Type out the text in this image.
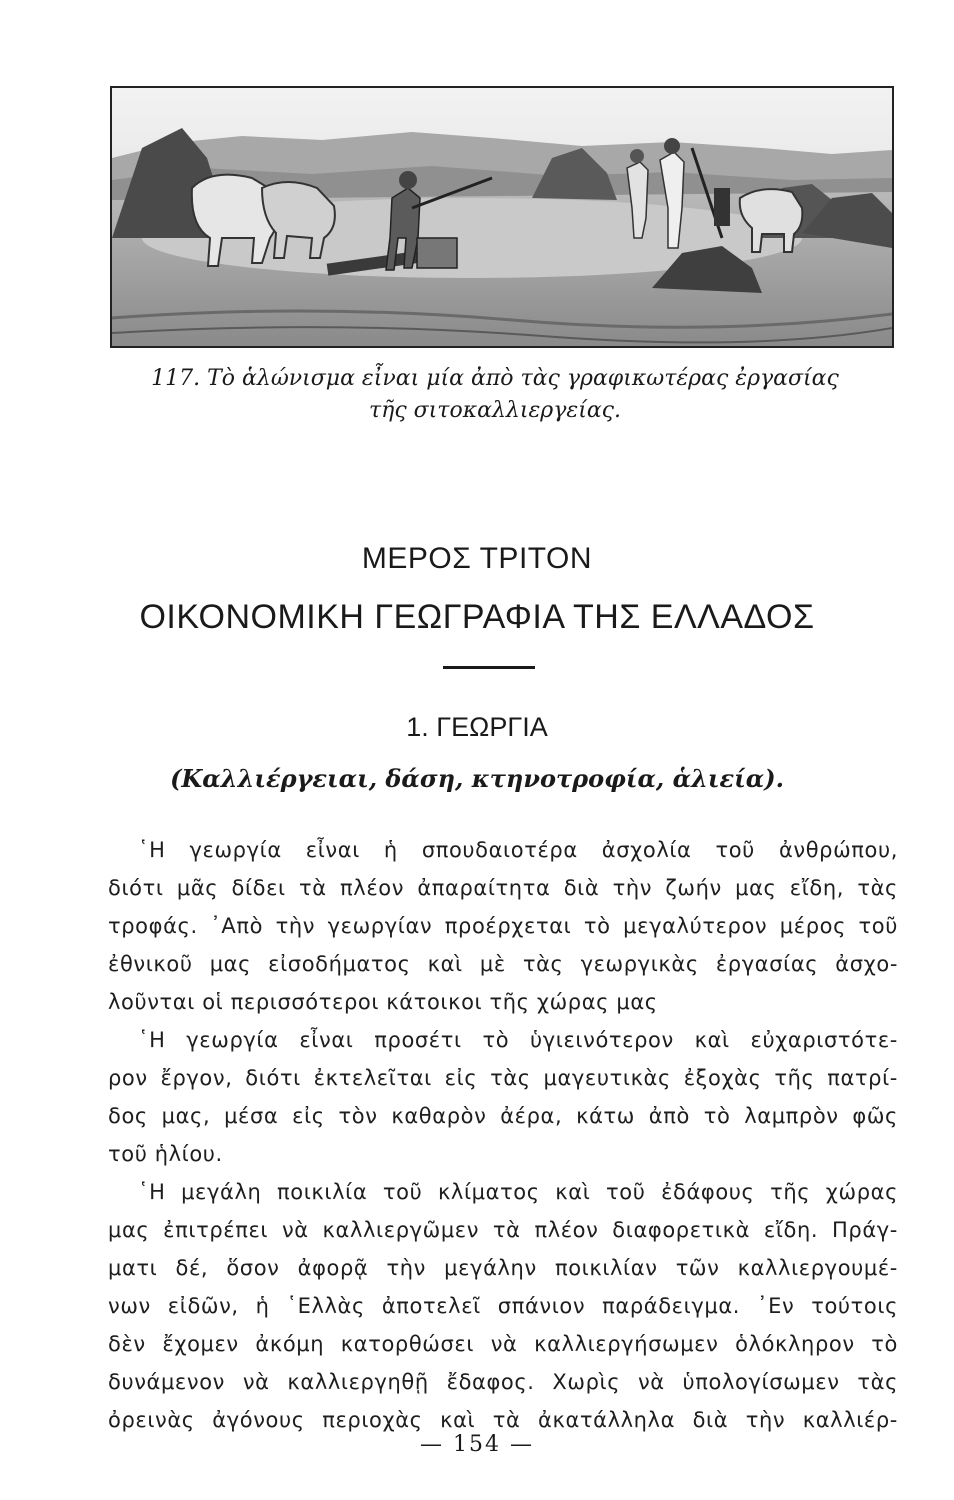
117. Τὸ ἁλώνισμα εἶναι μία ἀπὸ τὰς γραφικωτέρας ἐργασίας
τῆς σιτοκαλλιεργείας.
ΜΕΡΟΣ ΤΡΙΤΟΝ
ΟΙΚΟΝΟΜΙΚΗ ΓΕΩΓΡΑΦΙΑ ΤΗΣ ΕΛΛΑΔΟΣ
1. ΓΕΩΡΓΙΑ
(Καλλιέργειαι, δάση, κτηνοτροφία, ἁλιεία).
῾Η γεωργία εἶναι ἡ σπουδαιοτέρα ἀσχολία τοῦ ἀνθρώπου,
διότι μᾶς δίδει τὰ πλέον ἀπαραίτητα διὰ τὴν ζωήν μας εἴδη, τὰς
τροφάς. ᾿Απὸ τὴν γεωργίαν προέρχεται τὸ μεγαλύτερον μέρος τοῦ
ἐθνικοῦ μας εἰσοδήματος καὶ μὲ τὰς γεωργικὰς ἐργασίας ἀσχο-
λοῦνται οἱ περισσότεροι κάτοικοι τῆς χώρας μας
῾Η γεωργία εἶναι προσέτι τὸ ὑγιεινότερον καὶ εὐχαριστότε-
ρον ἔργον, διότι ἐκτελεῖται εἰς τὰς μαγευτικὰς ἐξοχὰς τῆς πατρί-
δος μας, μέσα εἰς τὸν καθαρὸν ἀέρα, κάτω ἀπὸ τὸ λαμπρὸν φῶς
τοῦ ἡλίου.
῾Η μεγάλη ποικιλία τοῦ κλίματος καὶ τοῦ ἐδάφους τῆς χώρας
μας ἐπιτρέπει νὰ καλλιεργῶμεν τὰ πλέον διαφορετικὰ εἴδη. Πράγ-
ματι δέ, ὅσον ἀφορᾷ τὴν μεγάλην ποικιλίαν τῶν καλλιεργουμέ-
νων εἰδῶν, ἡ ῾Ελλὰς ἀποτελεῖ σπάνιον παράδειγμα. ᾿Εν τούτοις
δὲν ἔχομεν ἀκόμη κατορθώσει νὰ καλλιεργήσωμεν ὁλόκληρον τὸ
δυνάμενον νὰ καλλιεργηθῇ ἔδαφος. Χωρὶς νὰ ὑπολογίσωμεν τὰς
ὀρεινὰς ἀγόνους περιοχὰς καὶ τὰ ἀκατάλληλα διὰ τὴν καλλιέρ-
— 154 —
